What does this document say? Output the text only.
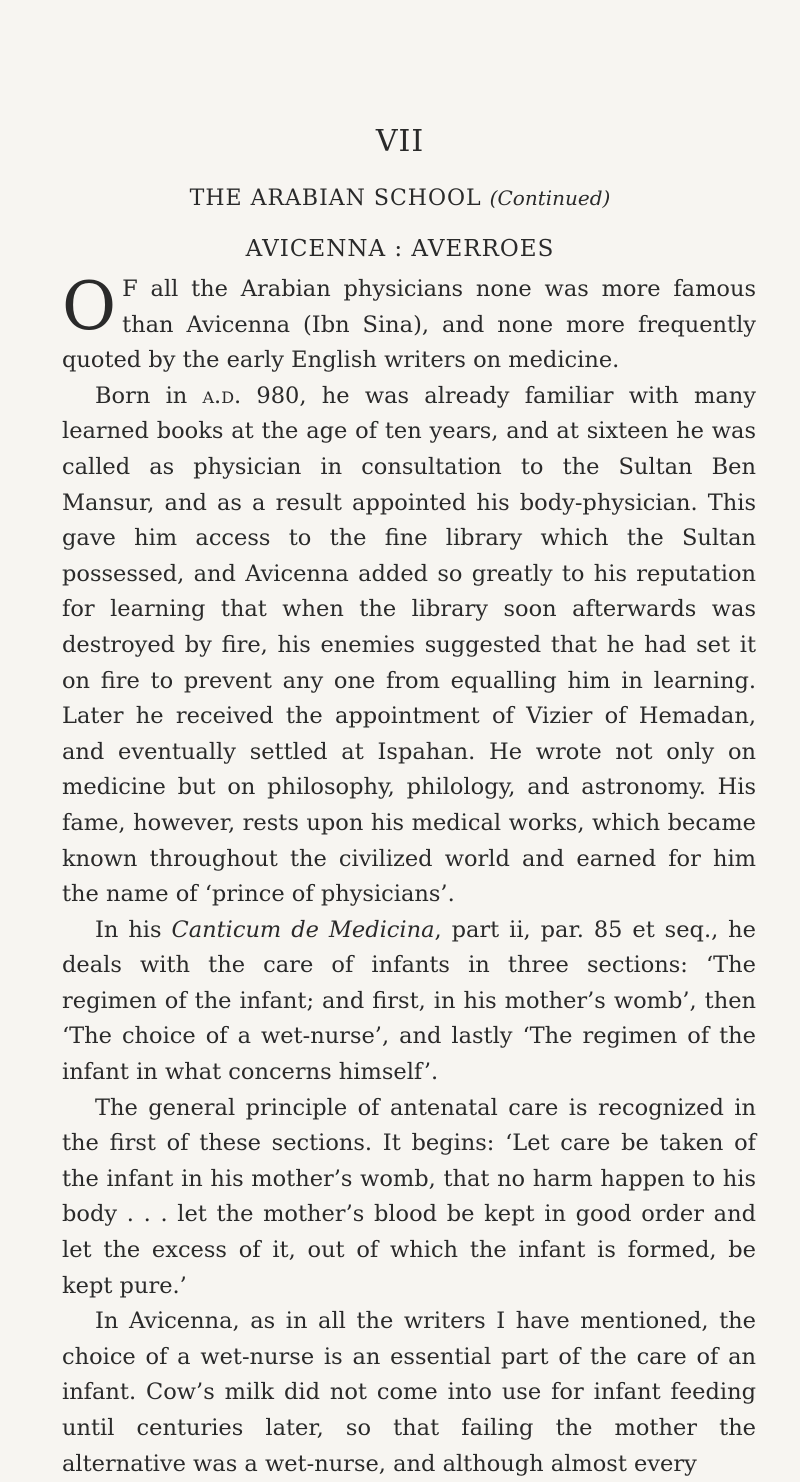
VII
THE ARABIAN SCHOOL (Continued)
AVICENNA : AVERROES

O F all the Arabian physicians none was more famous than Avicenna (Ibn Sina), and none more frequently quoted by the early English writers on medicine.

Born in a.d. 980, he was already familiar with many learned books at the age of ten years, and at sixteen he was called as physician in consultation to the Sultan Ben Mansur, and as a result appointed his body-physician. This gave him access to the fine library which the Sultan possessed, and Avicenna added so greatly to his reputation for learning that when the library soon afterwards was destroyed by fire, his enemies suggested that he had set it on fire to prevent any one from equalling him in learning. Later he received the appointment of Vizier of Hemadan, and eventually settled at Ispahan. He wrote not only on medicine but on philosophy, philology, and astronomy. His fame, however, rests upon his medical works, which became known throughout the civilized world and earned for him the name of ‘prince of physicians’.

In his Canticum de Medicina, part ii, par. 85 et seq., he deals with the care of infants in three sections: ‘The regimen of the infant; and first, in his mother’s womb’, then ‘The choice of a wet-nurse’, and lastly ‘The regimen of the infant in what concerns himself’.

The general principle of antenatal care is recognized in the first of these sections. It begins: ‘Let care be taken of the infant in his mother’s womb, that no harm happen to his body . . . let the mother’s blood be kept in good order and let the excess of it, out of which the infant is formed, be kept pure.’

In Avicenna, as in all the writers I have mentioned, the choice of a wet-nurse is an essential part of the care of an infant. Cow’s milk did not come into use for infant feeding until centuries later, so that failing the mother the alternative was a wet-nurse, and although almost every
